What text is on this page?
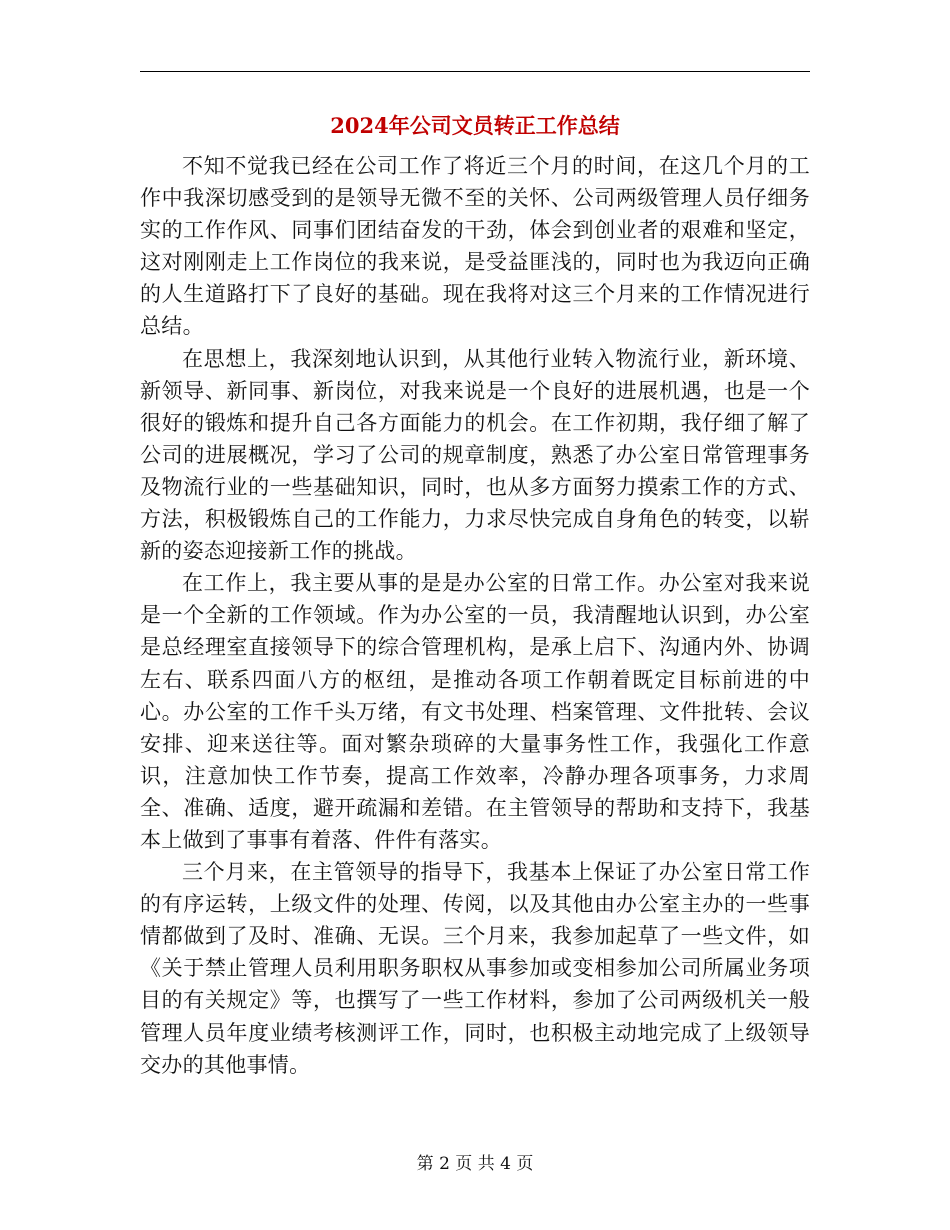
2024年公司文员转正工作总结

不知不觉我已经在公司工作了将近三个月的时间，在这几个月的工作中我深切感受到的是领导无微不至的关怀、公司两级管理人员仔细务实的工作作风、同事们团结奋发的干劲，体会到创业者的艰难和坚定，这对刚刚走上工作岗位的我来说，是受益匪浅的，同时也为我迈向正确的人生道路打下了良好的基础。现在我将对这三个月来的工作情况进行总结。

在思想上，我深刻地认识到，从其他行业转入物流行业，新环境、新领导、新同事、新岗位，对我来说是一个良好的进展机遇，也是一个很好的锻炼和提升自己各方面能力的机会。在工作初期，我仔细了解了公司的进展概况，学习了公司的规章制度，熟悉了办公室日常管理事务及物流行业的一些基础知识，同时，也从多方面努力摸索工作的方式、方法，积极锻炼自己的工作能力，力求尽快完成自身角色的转变，以崭新的姿态迎接新工作的挑战。

在工作上，我主要从事的是是办公室的日常工作。办公室对我来说是一个全新的工作领域。作为办公室的一员，我清醒地认识到，办公室是总经理室直接领导下的综合管理机构，是承上启下、沟通内外、协调左右、联系四面八方的枢纽，是推动各项工作朝着既定目标前进的中心。办公室的工作千头万绪，有文书处理、档案管理、文件批转、会议安排、迎来送往等。面对繁杂琐碎的大量事务性工作，我强化工作意识，注意加快工作节奏，提高工作效率，冷静办理各项事务，力求周全、准确、适度，避开疏漏和差错。在主管领导的帮助和支持下，我基本上做到了事事有着落、件件有落实。

三个月来，在主管领导的指导下，我基本上保证了办公室日常工作的有序运转，上级文件的处理、传阅，以及其他由办公室主办的一些事情都做到了及时、准确、无误。三个月来，我参加起草了一些文件，如《关于禁止管理人员利用职务职权从事参加或变相参加公司所属业务项目的有关规定》等，也撰写了一些工作材料，参加了公司两级机关一般管理人员年度业绩考核测评工作，同时，也积极主动地完成了上级领导交办的其他事情。

第 2 页 共 4 页
